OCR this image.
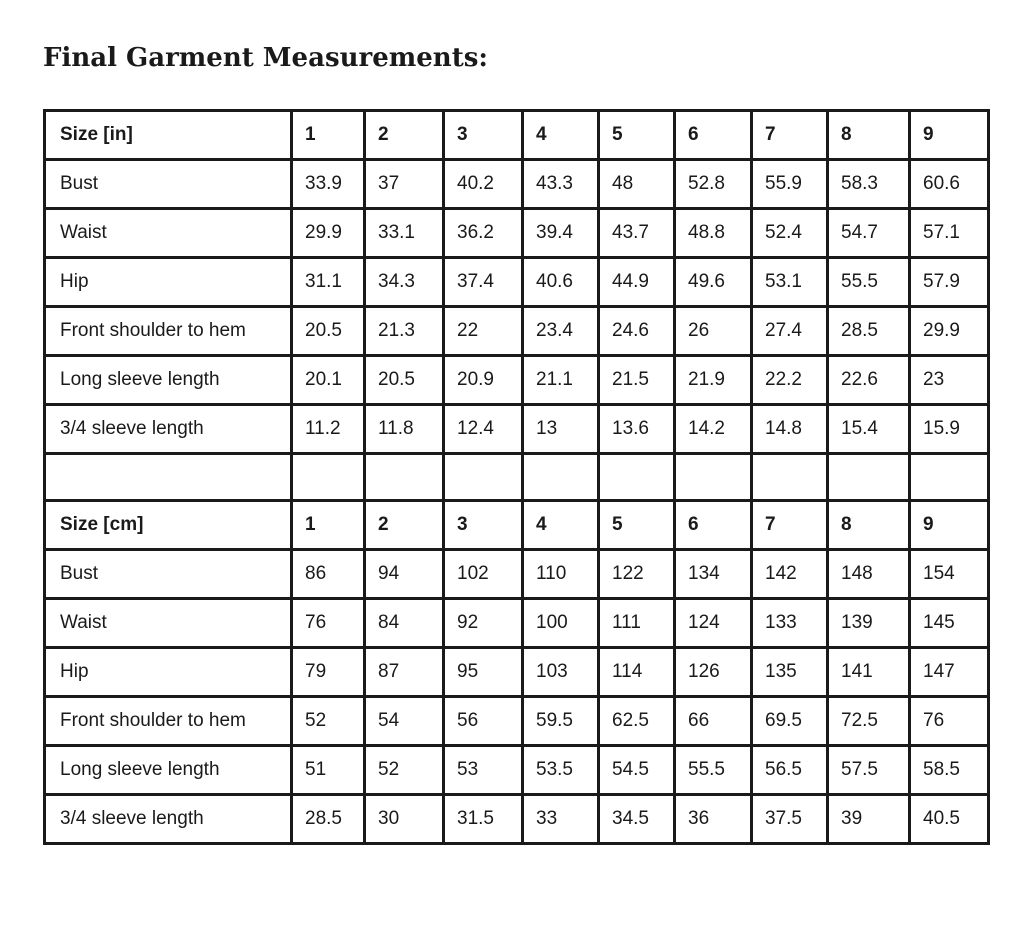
Final Garment Measurements:
Size [in]	1	2	3	4	5	6	7	8	9
Bust	33.9	37	40.2	43.3	48	52.8	55.9	58.3	60.6
Waist	29.9	33.1	36.2	39.4	43.7	48.8	52.4	54.7	57.1
Hip	31.1	34.3	37.4	40.6	44.9	49.6	53.1	55.5	57.9
Front shoulder to hem	20.5	21.3	22	23.4	24.6	26	27.4	28.5	29.9
Long sleeve length	20.1	20.5	20.9	21.1	21.5	21.9	22.2	22.6	23
3/4 sleeve length	11.2	11.8	12.4	13	13.6	14.2	14.8	15.4	15.9

Size [cm]	1	2	3	4	5	6	7	8	9
Bust	86	94	102	110	122	134	142	148	154
Waist	76	84	92	100	111	124	133	139	145
Hip	79	87	95	103	114	126	135	141	147
Front shoulder to hem	52	54	56	59.5	62.5	66	69.5	72.5	76
Long sleeve length	51	52	53	53.5	54.5	55.5	56.5	57.5	58.5
3/4 sleeve length	28.5	30	31.5	33	34.5	36	37.5	39	40.5
